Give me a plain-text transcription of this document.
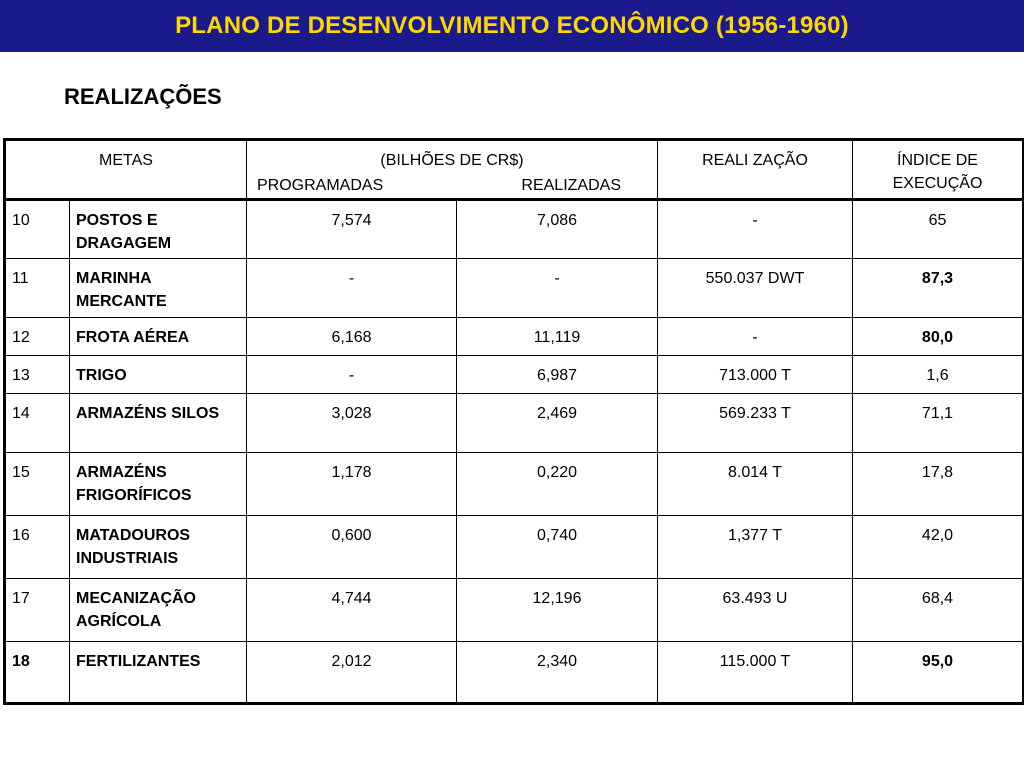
PLANO DE DESENVOLVIMENTO ECONÔMICO (1956-1960)
REALIZAÇÕES
METAS		(BILHÕES DE CR$)
PROGRAMADAS REALIZADAS		REALI ZAÇÃO	ÍNDICE DE EXECUÇÃO
10	POSTOS E DRAGAGEM	7,574	7,086	-	65
11	MARINHA MERCANTE	-	-	550.037 DWT	87,3
12	FROTA AÉREA	6,168	11,119	-	80,0
13	TRIGO	-	6,987	713.000 T	1,6
14	ARMAZÉNS SILOS	3,028	2,469	569.233 T	71,1
15	ARMAZÉNS FRIGORÍFICOS	1,178	0,220	8.014 T	17,8
16	MATADOUROS INDUSTRIAIS	0,600	0,740	1,377 T	42,0
17	MECANIZAÇÃO AGRÍCOLA	4,744	12,196	63.493 U	68,4
18	FERTILIZANTES	2,012	2,340	115.000 T	95,0
